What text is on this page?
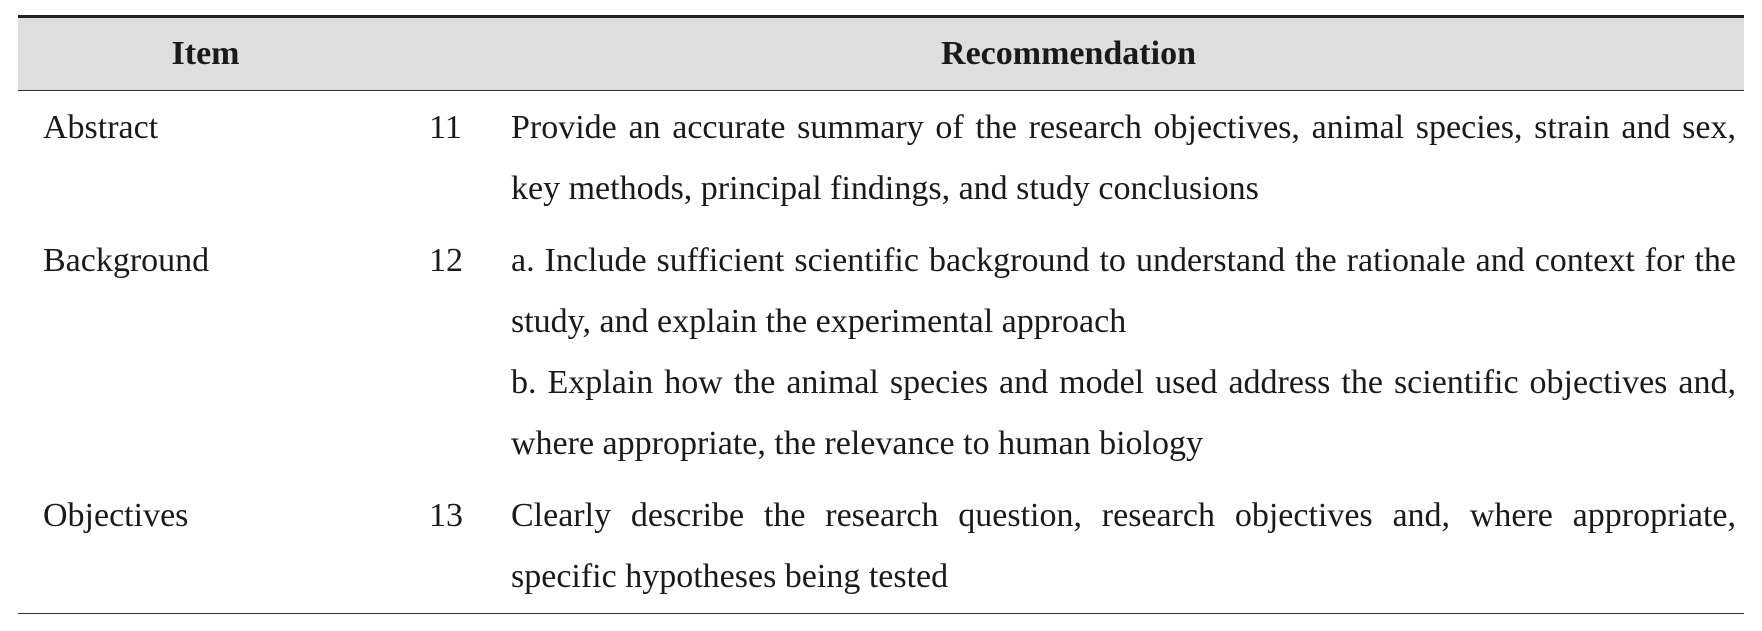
Item	Recommendation	
Abstract	11	Provide an accurate summary of the research objectives, animal species, strain and sex, key methods, principal findings, and study conclusions

Background	12	a. Include sufficient scientific background to understand the rationale and context for the study, and explain the experimental approach
b. Explain how the animal species and model used address the scientific objectives and, where appropriate, the relevance to human biology

Objectives	13	Clearly describe the research question, research objectives and, where appropriate, specific hypotheses being tested
